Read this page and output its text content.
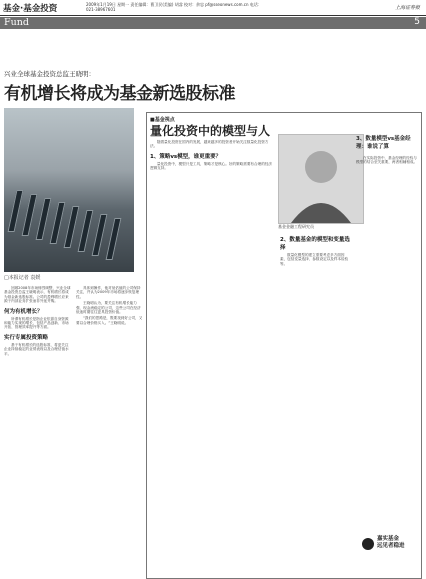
基金·基金投资	2009年1月19日 星期一 责任编辑：曹卫民(美编) 胡睿 校对：余忠 pf@sseonews.com.cn 电话：021-38967601	上海证券报
Fund	5
兴业全球基金投资总监王晓明：
有机增长将成为基金新选股标准
□本报记者 袁媛

回顾2008年市场惨烈调整，兴业全球基金投资总监王晓明表示，有机增长将成为基金新选股标准。公司的盈利增长应来源于内部业务扩张而非外延并购。

何为有机增长？

所谓有机增长是指企业依靠自身资源和能力实现的增长，包括产品创新、市场开拓、管理效率提升等方面。

实行专属投资策略

基于有机增长的选股标准，将更关注企业持续稳定的业绩表现以及合理估值水平。

具体到操作，他对低估值的公司保持关注，并认为2009年市场将逐步恢复理性。

王晓明认为，要关注有机增长能力强、现金流稳定的公司，这些公司在经济低迷时期往往更具投资价值。

“我们的思路是，既要找到好公司，又要以合理价格买入。”王晓明说。

■基金视点
量化投资中的模型与人

随着量化投资在国内的发展，越来越多的投资者开始关注数量化投资方法。

1、策略vs模型，谁更重要？

量化投资中，模型只是工具，策略才是核心。好的策略需要有合理的经济逻辑支持。

基金金融工程研究员
2、数量基金的模型和变量选择

数量化模型的建立需要考虑多方面因素，包括变量选择、参数设定以及样本检验等。

3、数量模型vs基金经理：谁说了算

在实际投资中，基金经理的经验与模型的结合至关重要，两者相辅相成。

嘉实基金
远见者稳进
